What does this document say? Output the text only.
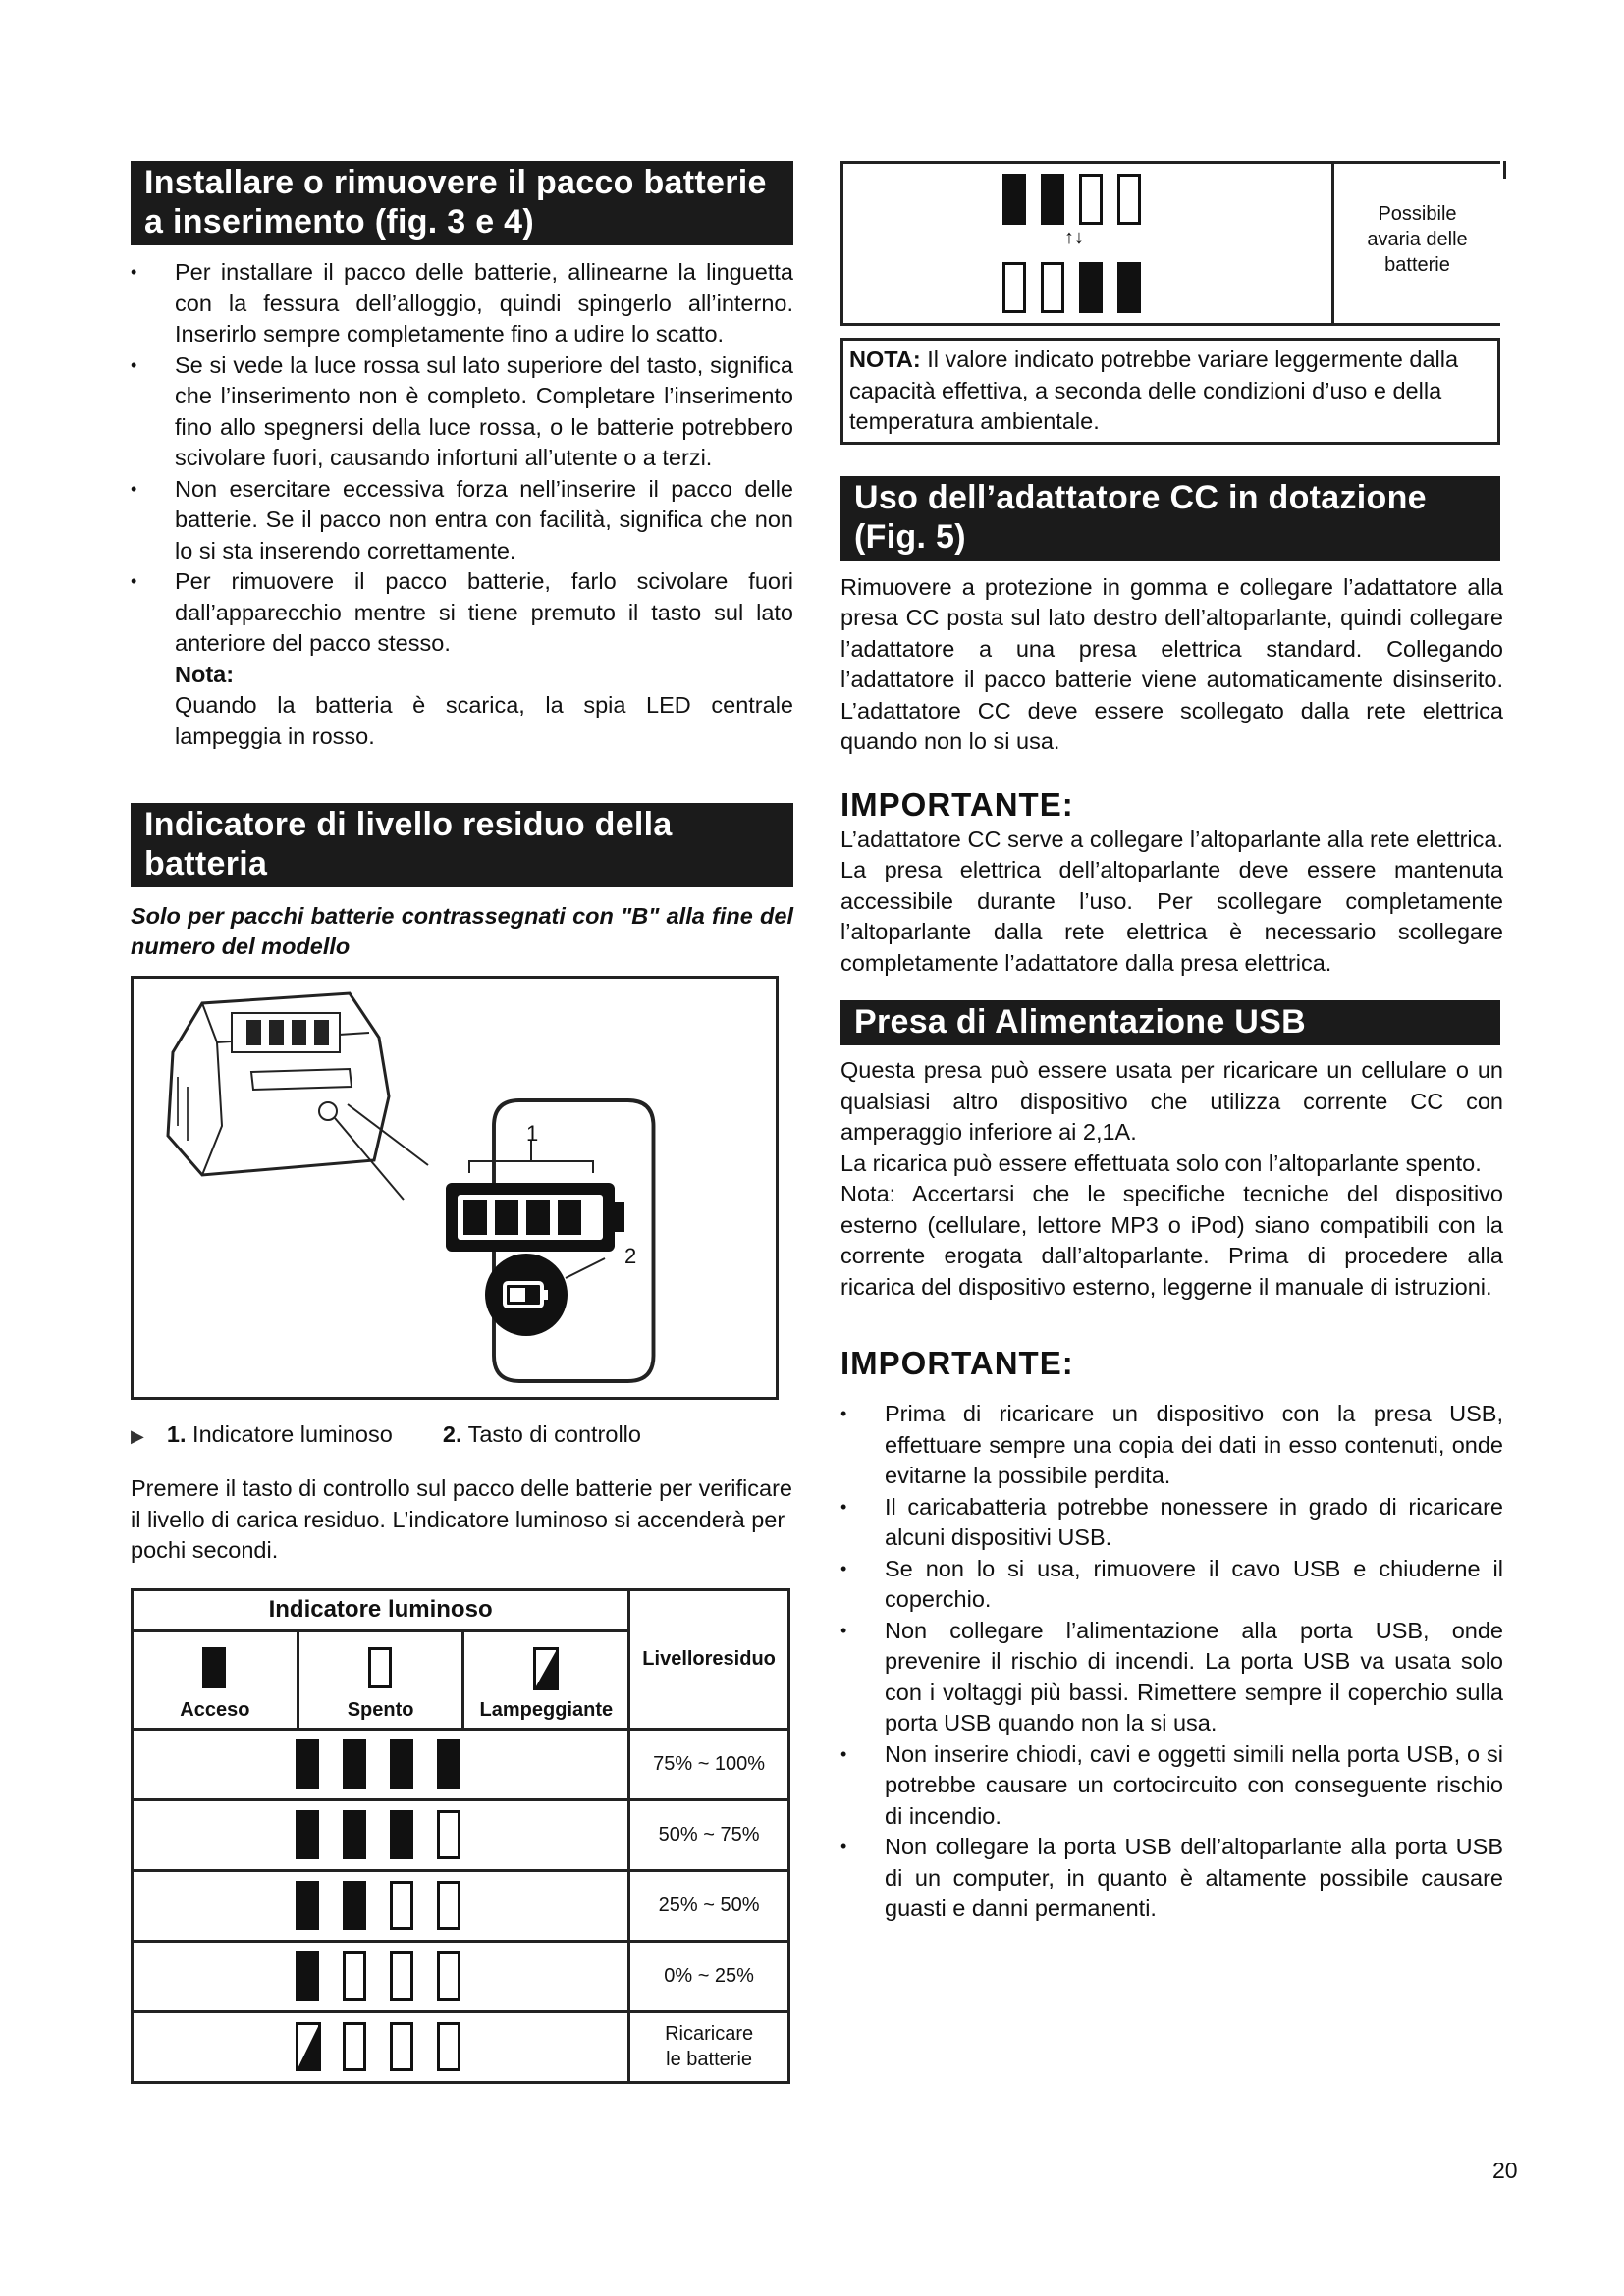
Installare o rimuovere il pacco batterie a inserimento (fig. 3 e 4)
• Per installare il pacco delle batterie, allinearne la linguetta con la fessura dell’alloggio, quindi spingerlo all’interno. Inserirlo sempre completamente fino a udire lo scatto.
• Se si vede la luce rossa sul lato superiore del tasto, significa che l’inserimento non è completo. Completare l’inserimento fino allo spegnersi della luce rossa, o le batterie potrebbero scivolare fuori, causando infortuni all’utente o a terzi.
• Non esercitare eccessiva forza nell’inserire il pacco delle batterie. Se il pacco non entra con facilità, significa che non lo si sta inserendo correttamente.
• Per rimuovere il pacco batterie, farlo scivolare fuori dall’apparecchio mentre si tiene premuto il tasto sul lato anteriore del pacco stesso.
Nota:

Quando la batteria è scarica, la spia LED centrale lampeggia in rosso.

Indicatore di livello residuo della batteria

Solo per pacchi batterie contrassegnati con "B" alla fine del numero del modello

1
2
▶ 1. Indicatore luminoso 2. Tasto di controllo

Premere il tasto di controllo sul pacco delle batterie per verificare il livello di carica residuo. L’indicatore luminoso si accenderà per pochi secondi.

Indicatore luminoso			Livelloresiduo

Acceso	Spento	Lampeggiante	

			75% ~ 100%

			50% ~ 75%

			25% ~ 50%

			0% ~ 25%

Ricaricare le batterie
↑↓
Possibile avaria delle batterie

NOTA: Il valore indicato potrebbe variare leggermente dalla capacità effettiva, a seconda delle condizioni d’uso e della temperatura ambientale.

Uso dell’adattatore CC in dotazione (Fig. 5)

Rimuovere a protezione in gomma e collegare l’adattatore alla presa CC posta sul lato destro dell’altoparlante, quindi collegare l’adattatore a una presa elettrica standard. Collegando l’adattatore il pacco batterie viene automaticamente disinserito. L’adattatore CC deve essere scollegato dalla rete elettrica quando non lo si usa.

IMPORTANTE:

L’adattatore CC serve a collegare l’altoparlante alla rete elettrica. La presa elettrica dell’altoparlante deve essere mantenuta accessibile durante l’uso. Per scollegare completamente l’altoparlante dalla rete elettrica è necessario scollegare completamente l’adattatore dalla presa elettrica.

Presa di Alimentazione USB

Questa presa può essere usata per ricaricare un cellulare o un qualsiasi altro dispositivo che utilizza corrente CC con amperaggio inferiore ai 2,1A.

La ricarica può essere effettuata solo con l’altoparlante spento.

Nota: Accertarsi che le specifiche tecniche del dispositivo esterno (cellulare, lettore MP3 o iPod) siano compatibili con la corrente erogata dall’altoparlante. Prima di procedere alla ricarica del dispositivo esterno, leggerne il manuale di istruzioni.

IMPORTANTE:
• Prima di ricaricare un dispositivo con la presa USB, effettuare sempre una copia dei dati in esso contenuti, onde evitarne la possibile perdita.
• Il caricabatteria potrebbe nonessere in grado di ricaricare alcuni dispositivi USB.
• Se non lo si usa, rimuovere il cavo USB e chiuderne il coperchio.
• Non collegare l’alimentazione alla porta USB, onde prevenire il rischio di incendi. La porta USB va usata solo con i voltaggi più bassi. Rimettere sempre il coperchio sulla porta USB quando non la si usa.
• Non inserire chiodi, cavi e oggetti simili nella porta USB, o si potrebbe causare un cortocircuito con conseguente rischio di incendio.
• Non collegare la porta USB dell’altoparlante alla porta USB di un computer, in quanto è altamente possibile causare guasti e danni permanenti.
20
